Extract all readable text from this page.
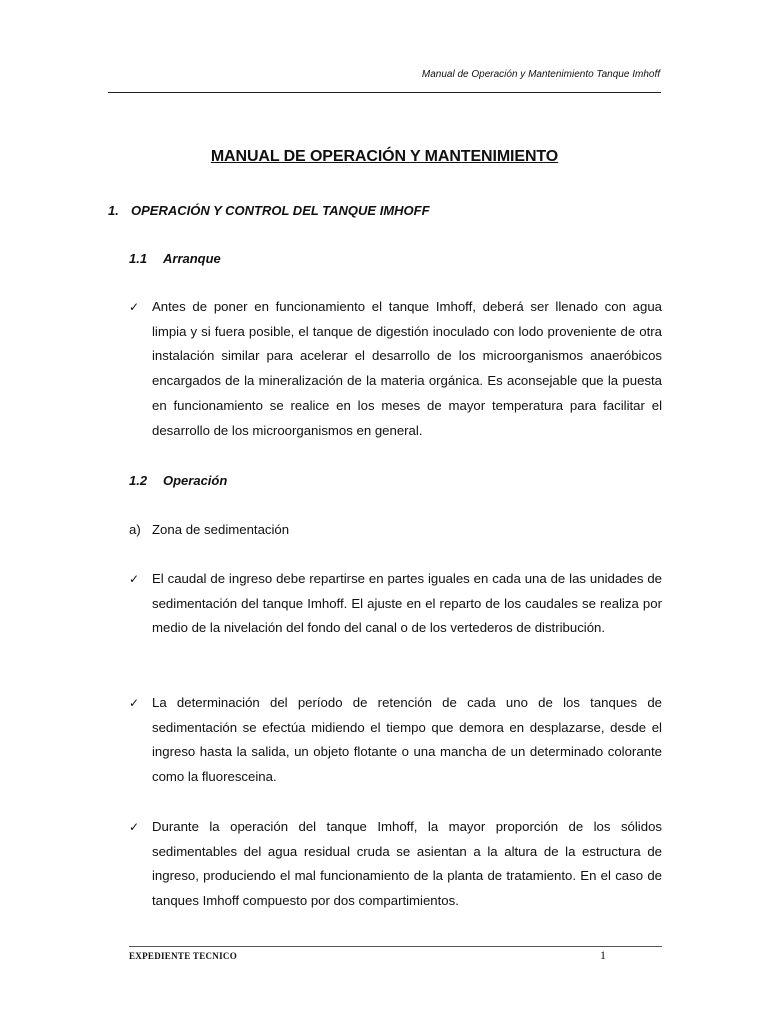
Manual de Operación y Mantenimiento Tanque Imhoff
MANUAL DE OPERACIÓN Y MANTENIMIENTO
1. OPERACIÓN Y CONTROL DEL TANQUE IMHOFF
1.1 Arranque
✓ Antes de poner en funcionamiento el tanque Imhoff, deberá ser llenado con agua limpia y si fuera posible, el tanque de digestión inoculado con lodo proveniente de otra instalación similar para acelerar el desarrollo de los microorganismos anaeróbicos encargados de la mineralización de la materia orgánica. Es aconsejable que la puesta en funcionamiento se realice en los meses de mayor temperatura para facilitar el desarrollo de los microorganismos en general.
1.2 Operación
a) Zona de sedimentación
✓ El caudal de ingreso debe repartirse en partes iguales en cada una de las unidades de sedimentación del tanque Imhoff. El ajuste en el reparto de los caudales se realiza por medio de la nivelación del fondo del canal o de los vertederos de distribución.
✓ La determinación del período de retención de cada uno de los tanques de sedimentación se efectúa midiendo el tiempo que demora en desplazarse, desde el ingreso hasta la salida, un objeto flotante o una mancha de un determinado colorante como la fluoresceina.
✓ Durante la operación del tanque Imhoff, la mayor proporción de los sólidos sedimentables del agua residual cruda se asientan a la altura de la estructura de ingreso, produciendo el mal funcionamiento de la planta de tratamiento. En el caso de tanques Imhoff compuesto por dos compartimientos.
EXPEDIENTE TECNICO	1
